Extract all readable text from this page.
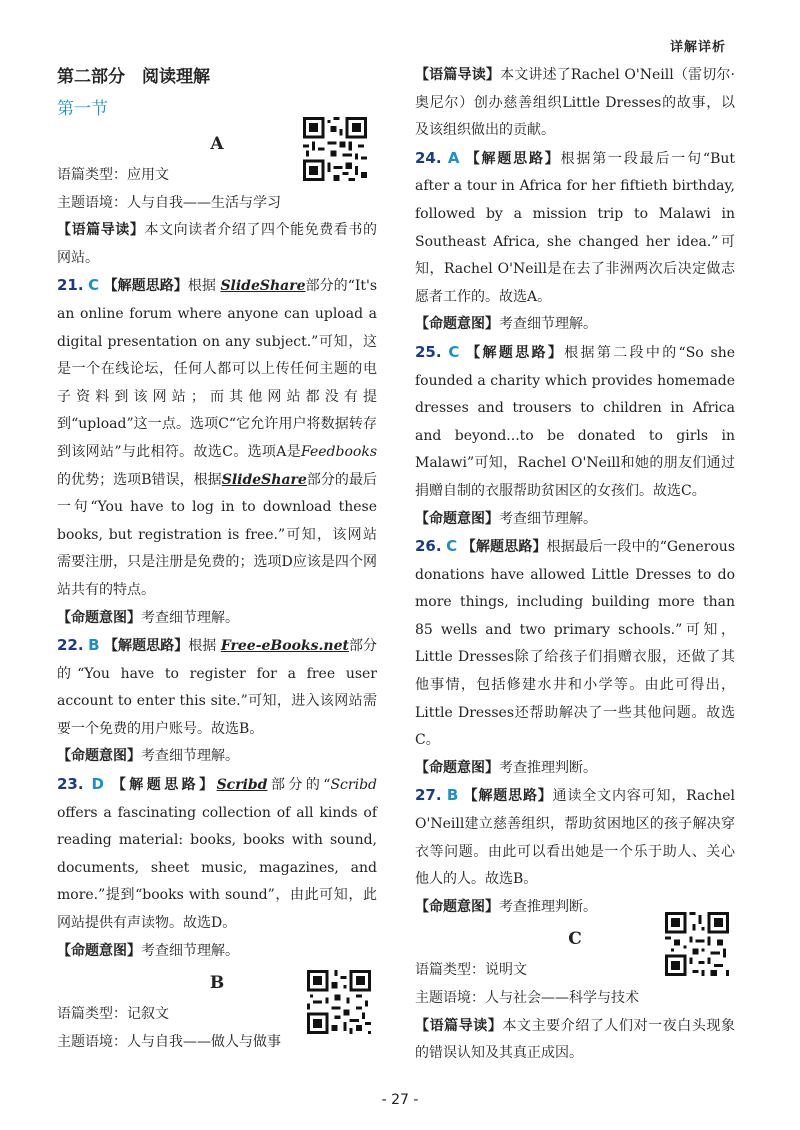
详解详析
第二部分　阅读理解
第一节
A

语篇类型：应用文

主题语境：人与自我——生活与学习

【语篇导读】本文向读者介绍了四个能免费看书的网站。

21. C 【解题思路】根据 SlideShare部分的“It's an online forum where anyone can upload a digital presentation on any subject.”可知，这是一个在线论坛，任何人都可以上传任何主题的电子资料到该网站；而其他网站都没有提到“upload”这一点。选项C“它允许用户将数据转存到该网站”与此相符。故选C。选项A是Feedbooks的优势；选项B错误，根据SlideShare部分的最后一句“You have to log in to download these books, but registration is free.”可知，该网站需要注册，只是注册是免费的；选项D应该是四个网站共有的特点。

【命题意图】考查细节理解。

22. B 【解题思路】根据 Free-eBooks.net部分的“You have to register for a free user account to enter this site.”可知，进入该网站需要一个免费的用户账号。故选B。

【命题意图】考查细节理解。

23. D 【解题思路】Scribd部分的“Scribd offers a fascinating collection of all kinds of reading material: books, books with sound, documents, sheet music, magazines, and more.”提到“books with sound”，由此可知，此网站提供有声读物。故选D。

【命题意图】考查细节理解。

B

语篇类型：记叙文

主题语境：人与自我——做人与做事

【语篇导读】本文讲述了Rachel O'Neill（雷切尔·奥尼尔）创办慈善组织Little Dresses的故事，以及该组织做出的贡献。

24. A 【解题思路】根据第一段最后一句“But after a tour in Africa for her fiftieth birthday, followed by a mission trip to Malawi in Southeast Africa, she changed her idea.”可知，Rachel O'Neill是在去了非洲两次后决定做志愿者工作的。故选A。

【命题意图】考查细节理解。

25. C 【解题思路】根据第二段中的“So she founded a charity which provides homemade dresses and trousers to children in Africa and beyond...to be donated to girls in Malawi”可知，Rachel O'Neill和她的朋友们通过捐赠自制的衣服帮助贫困区的女孩们。故选C。

【命题意图】考查细节理解。

26. C 【解题思路】根据最后一段中的“Generous donations have allowed Little Dresses to do more things, including building more than 85 wells and two primary schools.”可知，Little Dresses除了给孩子们捐赠衣服，还做了其他事情，包括修建水井和小学等。由此可得出，Little Dresses还帮助解决了一些其他问题。故选C。

【命题意图】考查推理判断。

27. B 【解题思路】通读全文内容可知，Rachel O'Neill建立慈善组织，帮助贫困地区的孩子解决穿衣等问题。由此可以看出她是一个乐于助人、关心他人的人。故选B。

【命题意图】考查推理判断。

C

语篇类型：说明文

主题语境：人与社会——科学与技术

【语篇导读】本文主要介绍了人们对一夜白头现象的错误认知及其真正成因。

- 27 -
